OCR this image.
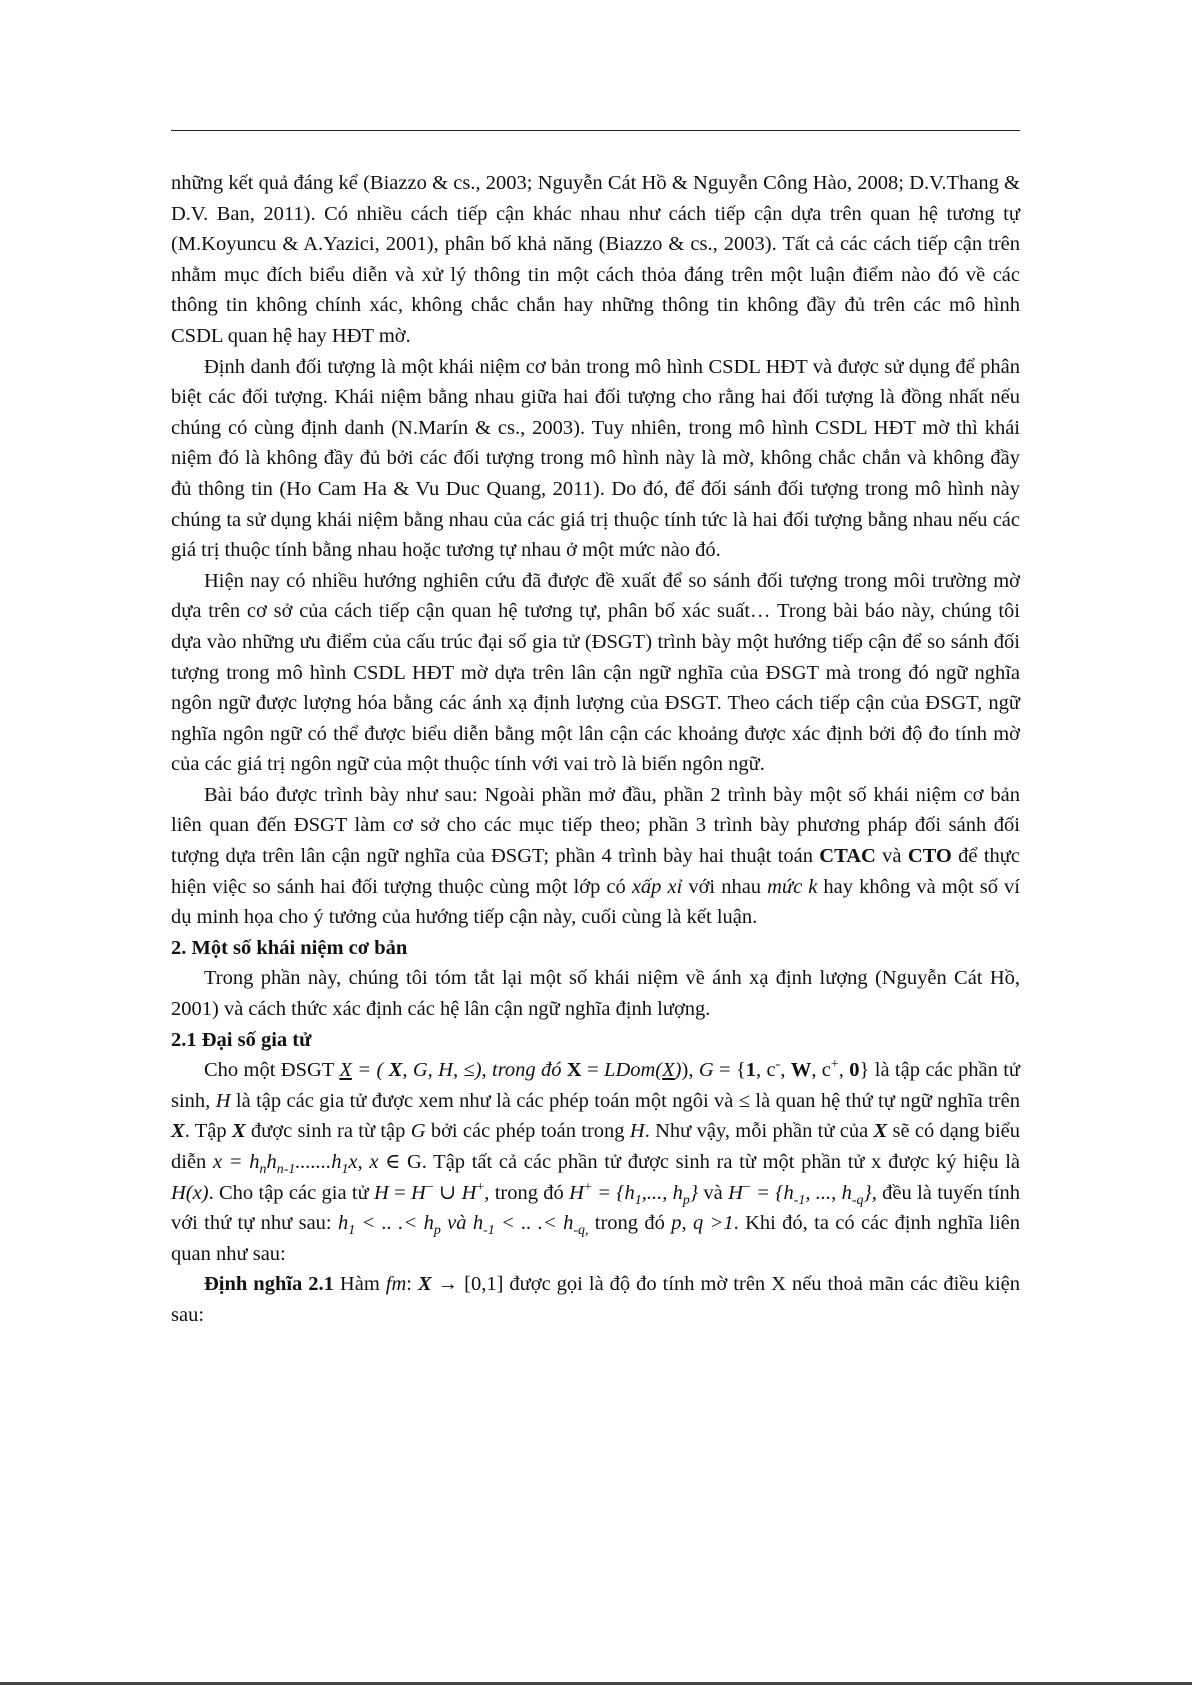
những kết quả đáng kể (Biazzo & cs., 2003; Nguyễn Cát Hồ & Nguyễn Công Hào, 2008; D.V.Thang & D.V. Ban, 2011). Có nhiều cách tiếp cận khác nhau như cách tiếp cận dựa trên quan hệ tương tự (M.Koyuncu & A.Yazici, 2001), phân bố khả năng (Biazzo & cs., 2003). Tất cả các cách tiếp cận trên nhằm mục đích biểu diễn và xử lý thông tin một cách thỏa đáng trên một luận điểm nào đó về các thông tin không chính xác, không chắc chắn hay những thông tin không đầy đủ trên các mô hình CSDL quan hệ hay HĐT mờ.

Định danh đối tượng là một khái niệm cơ bản trong mô hình CSDL HĐT và được sử dụng để phân biệt các đối tượng. Khái niệm bằng nhau giữa hai đối tượng cho rằng hai đối tượng là đồng nhất nếu chúng có cùng định danh (N.Marín & cs., 2003). Tuy nhiên, trong mô hình CSDL HĐT mờ thì khái niệm đó là không đầy đủ bởi các đối tượng trong mô hình này là mờ, không chắc chắn và không đầy đủ thông tin (Ho Cam Ha & Vu Duc Quang, 2011). Do đó, để đối sánh đối tượng trong mô hình này chúng ta sử dụng khái niệm bằng nhau của các giá trị thuộc tính tức là hai đối tượng bằng nhau nếu các giá trị thuộc tính bằng nhau hoặc tương tự nhau ở một mức nào đó.

Hiện nay có nhiều hướng nghiên cứu đã được đề xuất để so sánh đối tượng trong môi trường mờ dựa trên cơ sở của cách tiếp cận quan hệ tương tự, phân bố xác suất… Trong bài báo này, chúng tôi dựa vào những ưu điểm của cấu trúc đại số gia tử (ĐSGT) trình bày một hướng tiếp cận để so sánh đối tượng trong mô hình CSDL HĐT mờ dựa trên lân cận ngữ nghĩa của ĐSGT mà trong đó ngữ nghĩa ngôn ngữ được lượng hóa bằng các ánh xạ định lượng của ĐSGT. Theo cách tiếp cận của ĐSGT, ngữ nghĩa ngôn ngữ có thể được biểu diễn bằng một lân cận các khoảng được xác định bởi độ đo tính mờ của các giá trị ngôn ngữ của một thuộc tính với vai trò là biến ngôn ngữ.

Bài báo được trình bày như sau: Ngoài phần mở đầu, phần 2 trình bày một số khái niệm cơ bản liên quan đến ĐSGT làm cơ sở cho các mục tiếp theo; phần 3 trình bày phương pháp đối sánh đối tượng dựa trên lân cận ngữ nghĩa của ĐSGT; phần 4 trình bày hai thuật toán CTAC và CTO để thực hiện việc so sánh hai đối tượng thuộc cùng một lớp có xấp xỉ với nhau mức k hay không và một số ví dụ minh họa cho ý tưởng của hướng tiếp cận này, cuối cùng là kết luận.

2. Một số khái niệm cơ bản

Trong phần này, chúng tôi tóm tắt lại một số khái niệm về ánh xạ định lượng (Nguyễn Cát Hồ, 2001) và cách thức xác định các hệ lân cận ngữ nghĩa định lượng.

2.1 Đại số gia tử

Cho một ĐSGT X = ( X, G, H, ≤), trong đó X = LDom(X)), G = {1, c-, W, c+, 0} là tập các phần tử sinh, H là tập các gia tử được xem như là các phép toán một ngôi và ≤ là quan hệ thứ tự ngữ nghĩa trên X. Tập X được sinh ra từ tập G bởi các phép toán trong H. Như vậy, mỗi phần tử của X sẽ có dạng biểu diễn $x = h_nh_{n-1}.......h_1x$, x ∈ G. Tập tất cả các phần tử được sinh ra từ một phần tử x được ký hiệu là H(x). Cho tập các gia tử H = H− ∪ H+, trong đó $H^+ = \{h_1$,..., $h_p$} và $H^- = \{h_{-1}$, ..., $h_{-q}$}, đều là tuyến tính với thứ tự như sau: $h_1$ < .. .< $h_p$ và $h_{-1}$ < .. .< $h_{-q,}$ trong đó p, q >1. Khi đó, ta có các định nghĩa liên quan như sau:

Định nghĩa 2.1 Hàm fm: X → [0,1] được gọi là độ đo tính mờ trên X nếu thoả mãn các điều kiện sau:
